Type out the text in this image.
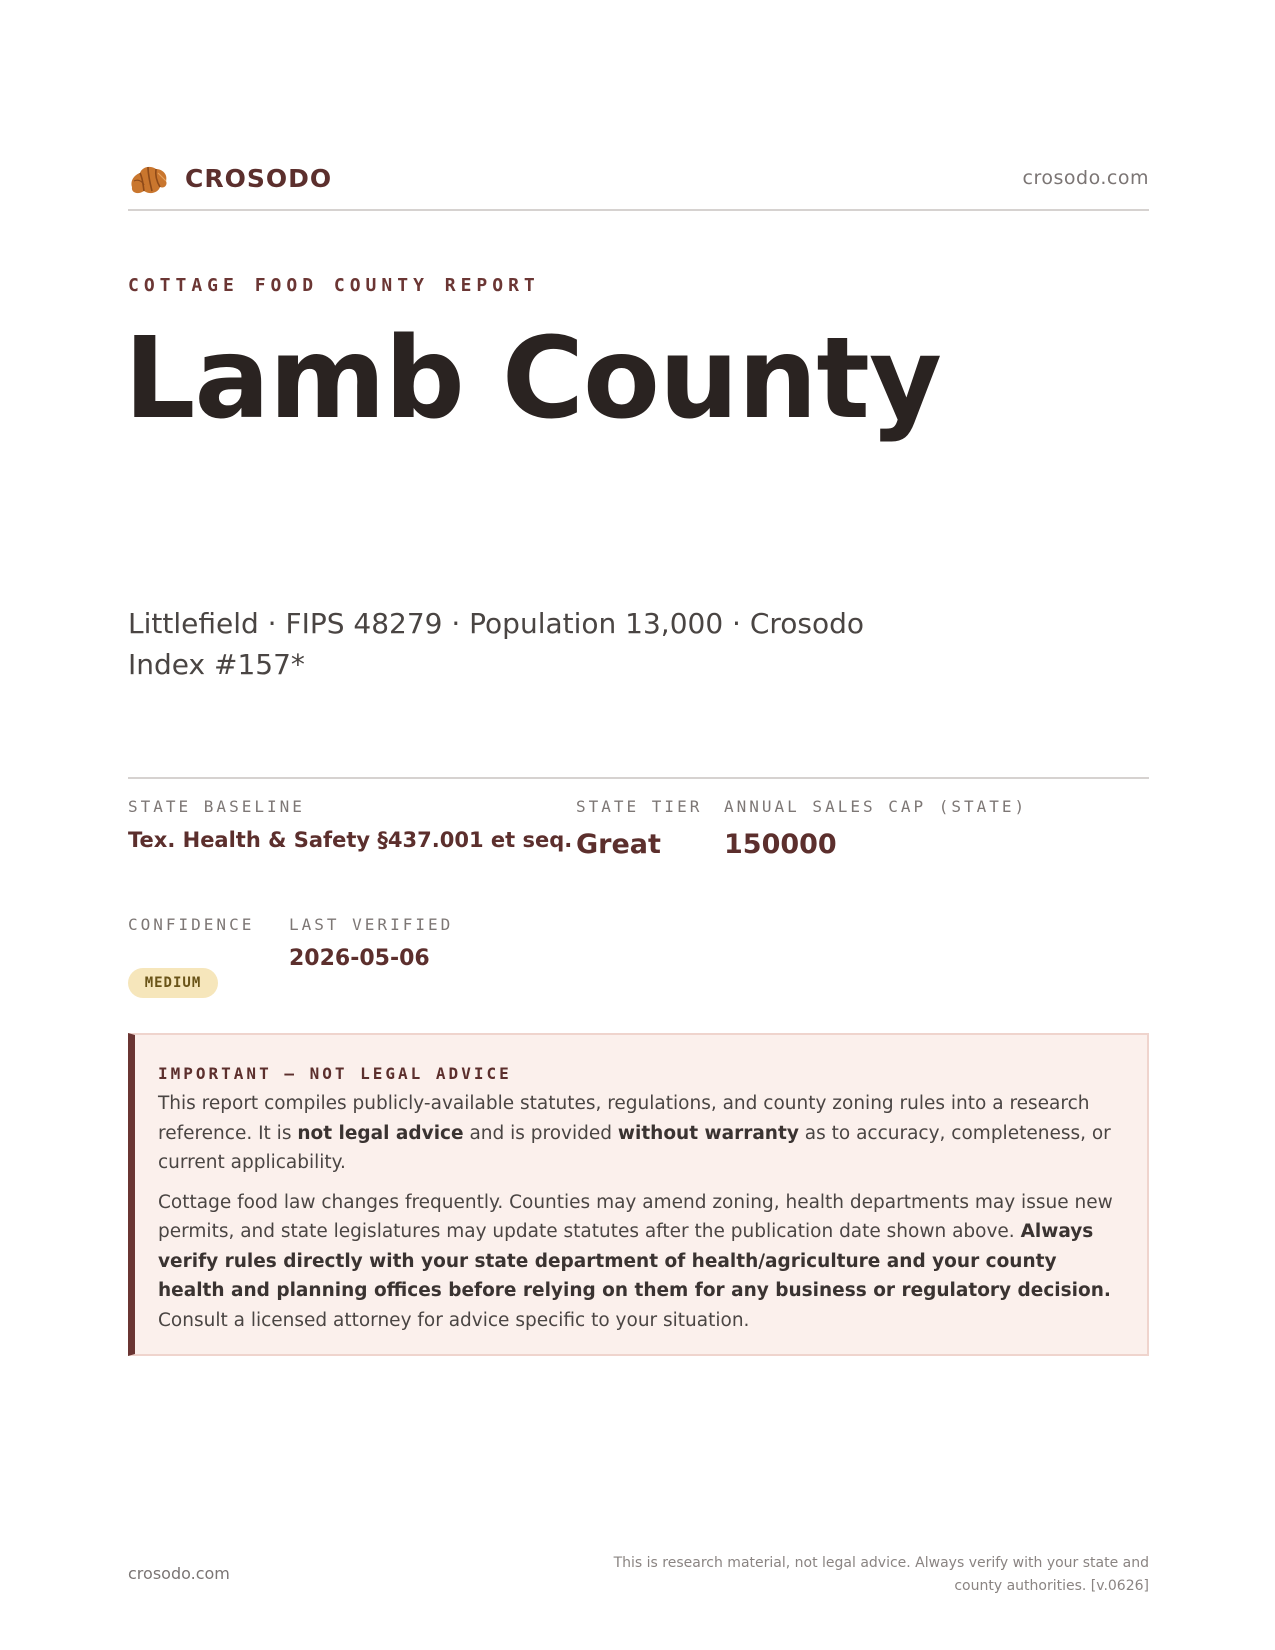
CROSODO	crosodo.com
COTTAGE FOOD COUNTY REPORT
Lamb County
Littlefield · FIPS 48279 · Population 13,000 · Crosodo Index #157*
STATE BASELINE
Tex. Health & Safety §437.001 et seq.
STATE TIER
Great
ANNUAL SALES CAP (STATE)
150000
CONFIDENCE
MEDIUM
LAST VERIFIED
2026-05-06
IMPORTANT — NOT LEGAL ADVICE

This report compiles publicly-available statutes, regulations, and county zoning rules into a research reference. It is not legal advice and is provided without warranty as to accuracy, completeness, or current applicability.

Cottage food law changes frequently. Counties may amend zoning, health departments may issue new permits, and state legislatures may update statutes after the publication date shown above. Always verify rules directly with your state department of health/agriculture and your county health and planning offices before relying on them for any business or regulatory decision. Consult a licensed attorney for advice specific to your situation.

crosodo.com
This is research material, not legal advice. Always verify with your state and county authorities. [v.0626]
